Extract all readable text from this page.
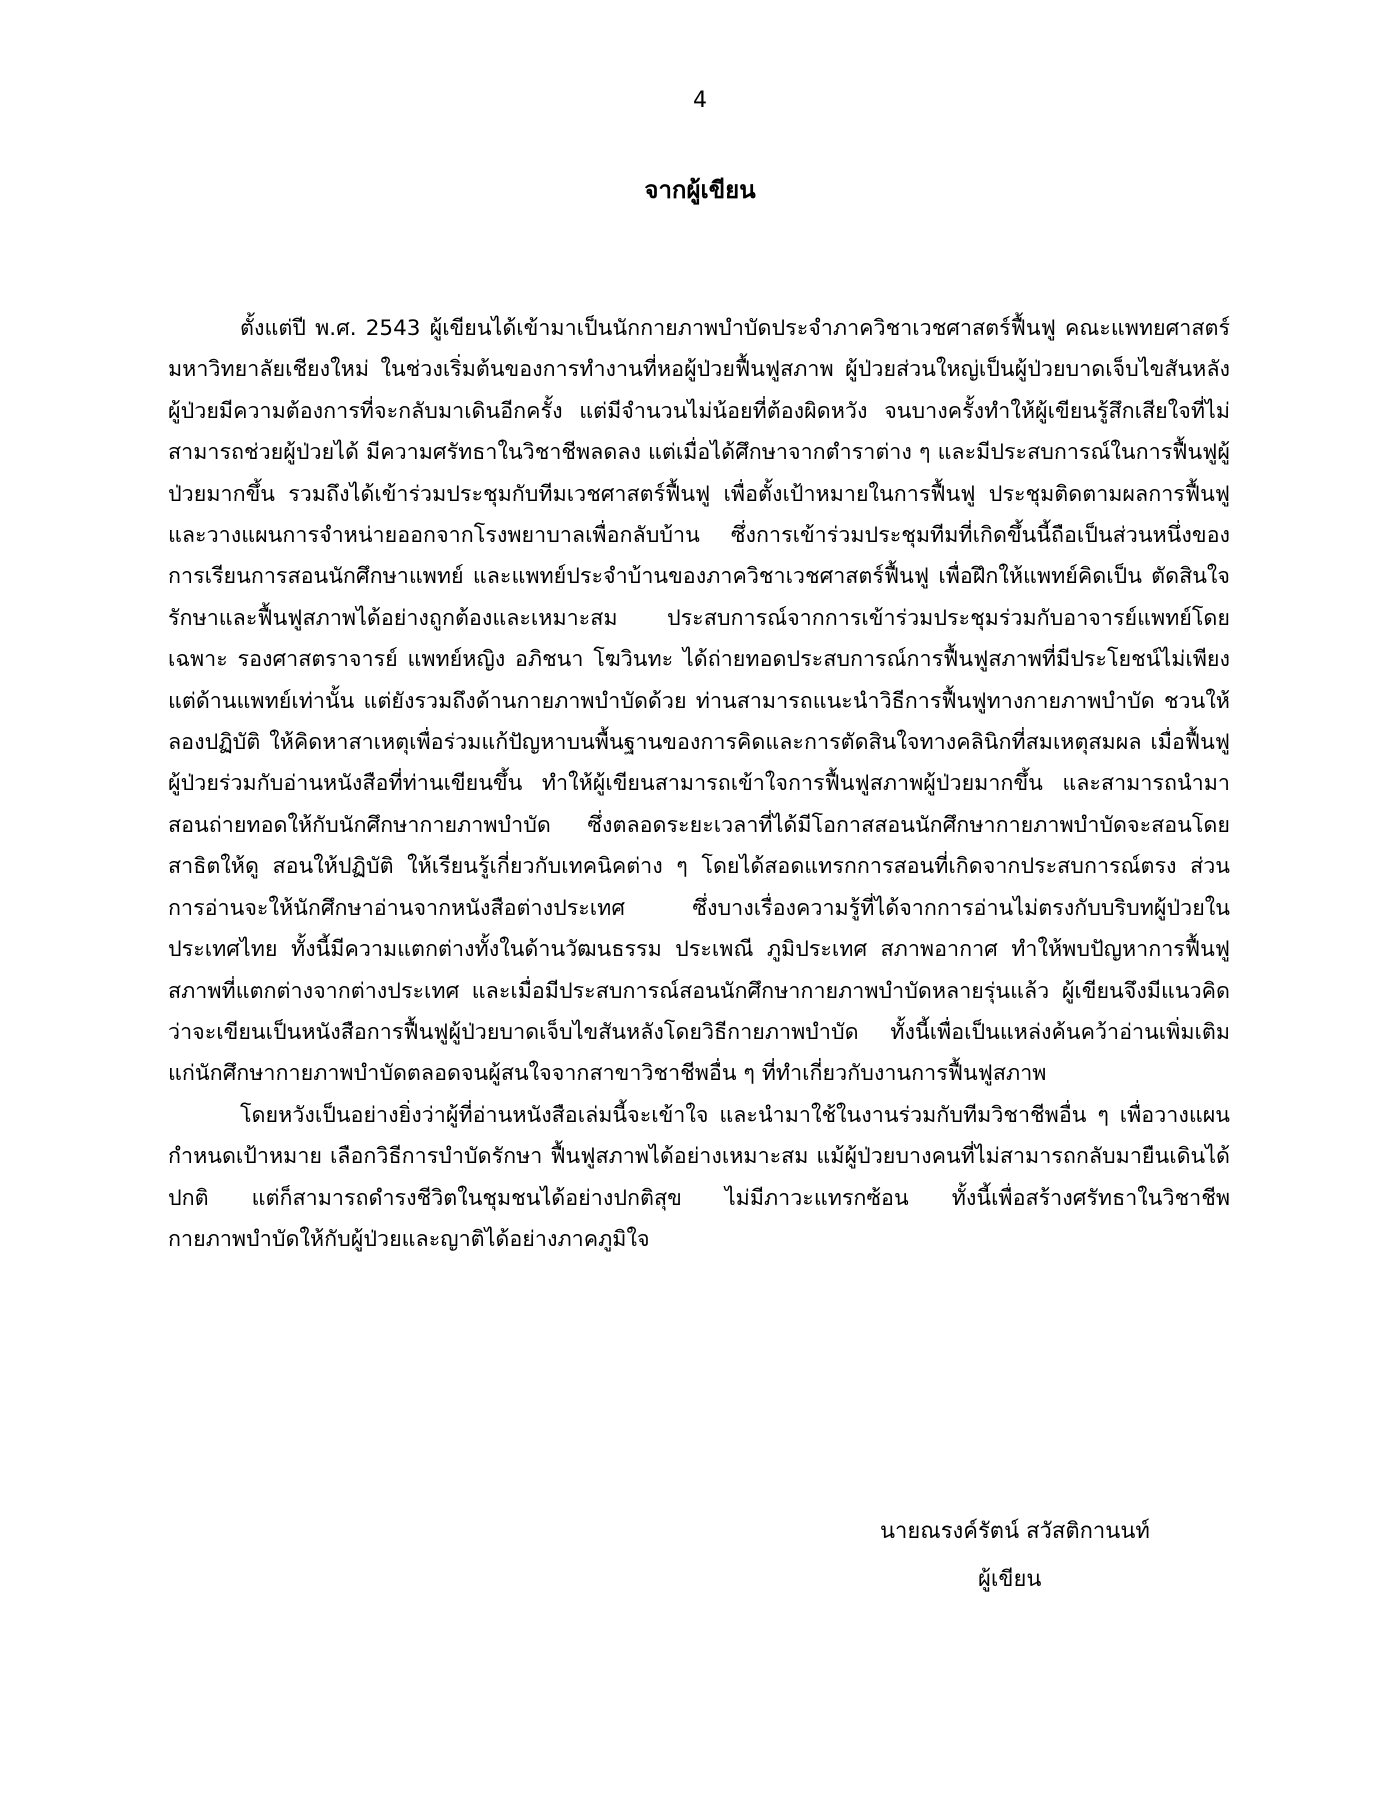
4
จากผู้เขียน

ตั้งแต่ปี พ.ศ. 2543 ผู้เขียนได้เข้ามาเป็นนักกายภาพบำบัดประจำภาควิชาเวชศาสตร์ฟื้นฟู คณะแพทยศาสตร์ มหาวิทยาลัยเชียงใหม่ ในช่วงเริ่มต้นของการทำงานที่หอผู้ป่วยฟื้นฟูสภาพ ผู้ป่วยส่วนใหญ่เป็นผู้ป่วยบาดเจ็บไขสันหลัง ผู้ป่วยมีความต้องการที่จะกลับมาเดินอีกครั้ง แต่มีจำนวนไม่น้อยที่ต้องผิดหวัง จนบางครั้งทำให้ผู้เขียนรู้สึกเสียใจที่ไม่สามารถช่วยผู้ป่วยได้ มีความศรัทธาในวิชาชีพลดลง แต่เมื่อได้ศึกษาจากตำราต่าง ๆ และมีประสบการณ์ในการฟื้นฟูผู้ป่วยมากขึ้น รวมถึงได้เข้าร่วมประชุมกับทีมเวชศาสตร์ฟื้นฟู เพื่อตั้งเป้าหมายในการฟื้นฟู ประชุมติดตามผลการฟื้นฟู และวางแผนการจำหน่ายออกจากโรงพยาบาลเพื่อกลับบ้าน ซึ่งการเข้าร่วมประชุมทีมที่เกิดขึ้นนี้ถือเป็นส่วนหนึ่งของการเรียนการสอนนักศึกษาแพทย์ และแพทย์ประจำบ้านของภาควิชาเวชศาสตร์ฟื้นฟู เพื่อฝึกให้แพทย์คิดเป็น ตัดสินใจรักษาและฟื้นฟูสภาพได้อย่างถูกต้องและเหมาะสม ประสบการณ์จากการเข้าร่วมประชุมร่วมกับอาจารย์แพทย์โดยเฉพาะ รองศาสตราจารย์ แพทย์หญิง อภิชนา โฆวินทะ ได้ถ่ายทอดประสบการณ์การฟื้นฟูสภาพที่มีประโยชน์ไม่เพียงแต่ด้านแพทย์เท่านั้น แต่ยังรวมถึงด้านกายภาพบำบัดด้วย ท่านสามารถแนะนำวิธีการฟื้นฟูทางกายภาพบำบัด ชวนให้ลองปฏิบัติ ให้คิดหาสาเหตุเพื่อร่วมแก้ปัญหาบนพื้นฐานของการคิดและการตัดสินใจทางคลินิกที่สมเหตุสมผล เมื่อฟื้นฟูผู้ป่วยร่วมกับอ่านหนังสือที่ท่านเขียนขึ้น ทำให้ผู้เขียนสามารถเข้าใจการฟื้นฟูสภาพผู้ป่วยมากขึ้น และสามารถนำมาสอนถ่ายทอดให้กับนักศึกษากายภาพบำบัด ซึ่งตลอดระยะเวลาที่ได้มีโอกาสสอนนักศึกษากายภาพบำบัดจะสอนโดยสาธิตให้ดู สอนให้ปฏิบัติ ให้เรียนรู้เกี่ยวกับเทคนิคต่าง ๆ โดยได้สอดแทรกการสอนที่เกิดจากประสบการณ์ตรง ส่วนการอ่านจะให้นักศึกษาอ่านจากหนังสือต่างประเทศ ซึ่งบางเรื่องความรู้ที่ได้จากการอ่านไม่ตรงกับบริบทผู้ป่วยในประเทศไทย ทั้งนี้มีความแตกต่างทั้งในด้านวัฒนธรรม ประเพณี ภูมิประเทศ สภาพอากาศ ทำให้พบปัญหาการฟื้นฟูสภาพที่แตกต่างจากต่างประเทศ และเมื่อมีประสบการณ์สอนนักศึกษากายภาพบำบัดหลายรุ่นแล้ว ผู้เขียนจึงมีแนวคิดว่าจะเขียนเป็นหนังสือการฟื้นฟูผู้ป่วยบาดเจ็บไขสันหลังโดยวิธีกายภาพบำบัด ทั้งนี้เพื่อเป็นแหล่งค้นคว้าอ่านเพิ่มเติมแก่นักศึกษากายภาพบำบัดตลอดจนผู้สนใจจากสาขาวิชาชีพอื่น ๆ ที่ทำเกี่ยวกับงานการฟื้นฟูสภาพ

โดยหวังเป็นอย่างยิ่งว่าผู้ที่อ่านหนังสือเล่มนี้จะเข้าใจ และนำมาใช้ในงานร่วมกับทีมวิชาชีพอื่น ๆ เพื่อวางแผน กำหนดเป้าหมาย เลือกวิธีการบำบัดรักษา ฟื้นฟูสภาพได้อย่างเหมาะสม แม้ผู้ป่วยบางคนที่ไม่สามารถกลับมายืนเดินได้ปกติ แต่ก็สามารถดำรงชีวิตในชุมชนได้อย่างปกติสุข ไม่มีภาวะแทรกซ้อน ทั้งนี้เพื่อสร้างศรัทธาในวิชาชีพกายภาพบำบัดให้กับผู้ป่วยและญาติได้อย่างภาคภูมิใจ

นายณรงค์รัตน์ สวัสติกานนท์
ผู้เขียน
